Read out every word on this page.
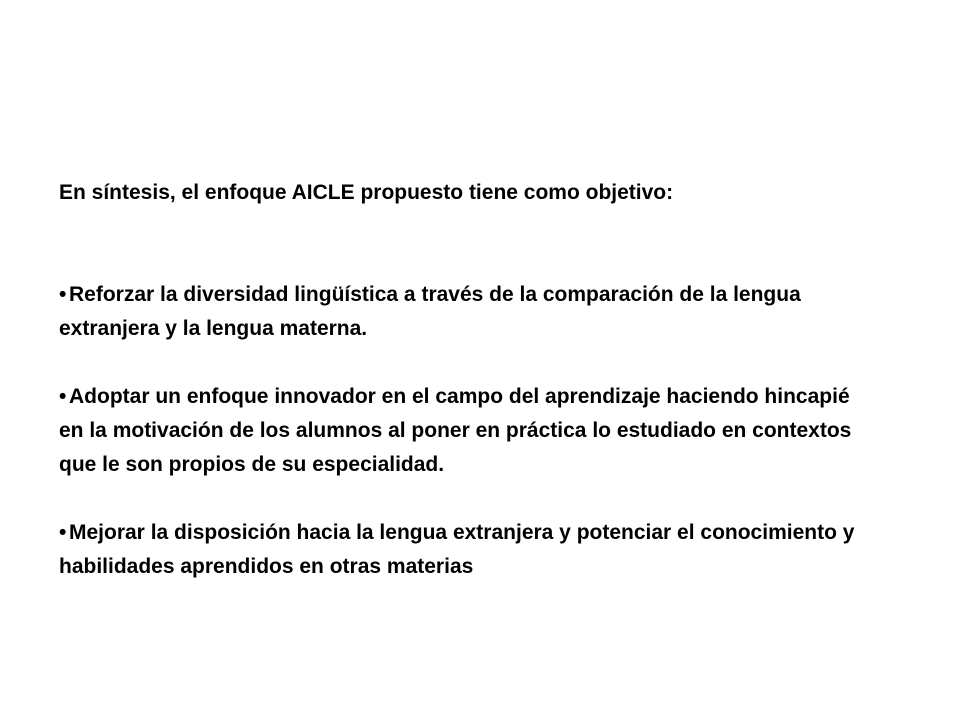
En síntesis, el enfoque AICLE propuesto tiene como objetivo:

• Reforzar la diversidad lingüística a través de la comparación de la lengua extranjera y la lengua materna.
• Adoptar un enfoque innovador en el campo del aprendizaje haciendo hincapié en la motivación de los alumnos al poner en práctica lo estudiado en contextos que le son propios de su especialidad.
• Mejorar la disposición hacia la lengua extranjera y potenciar el conocimiento y habilidades aprendidos en otras materias
